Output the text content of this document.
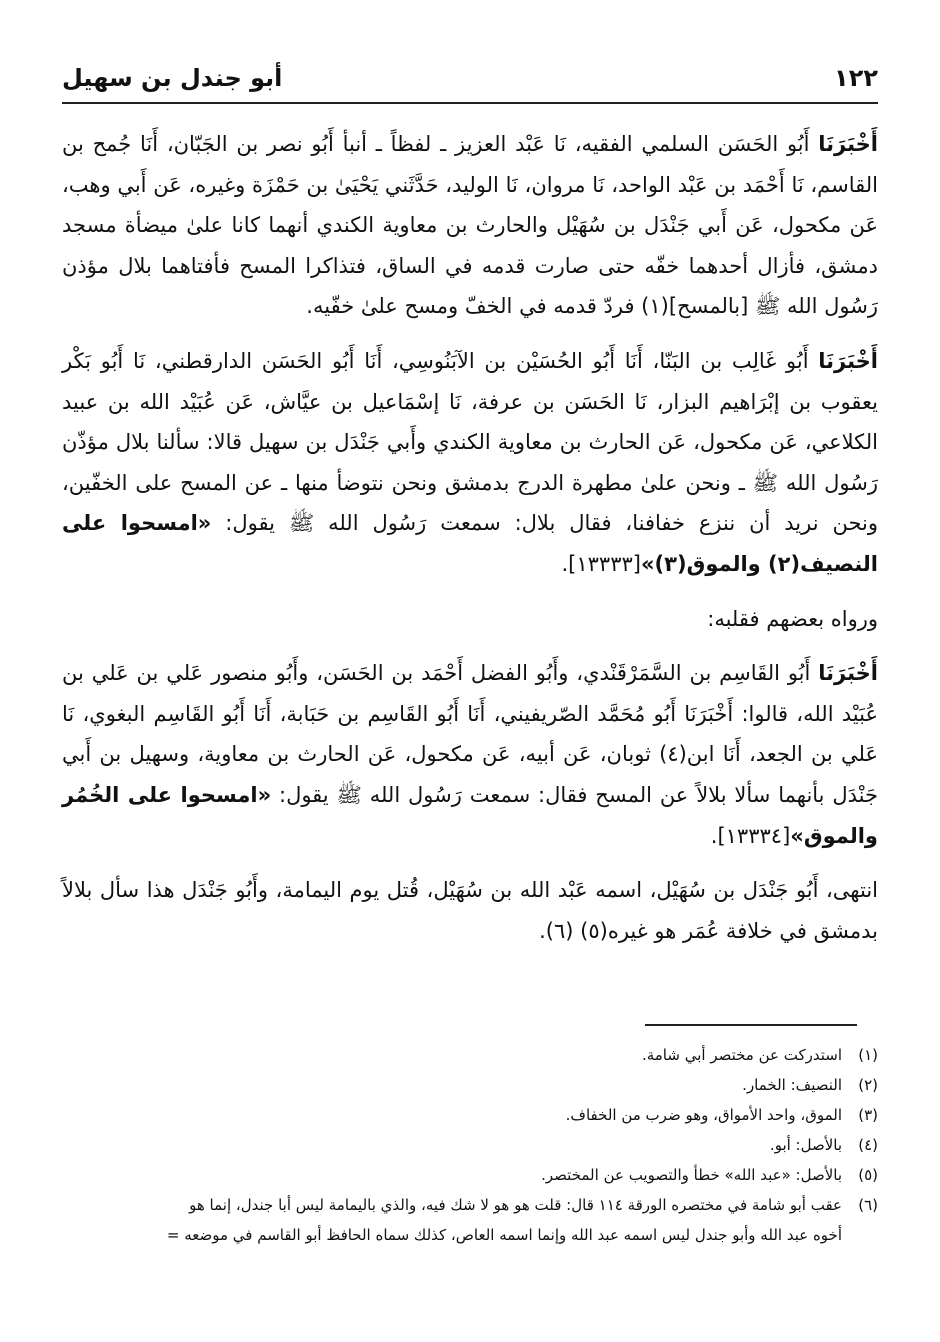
١٢٢
أبو جندل بن سهيل

أَخْبَرَنَا أَبُو الحَسَن السلمي الفقيه، نَا عَبْد العزيز ـ لفظاً ـ أنبأ أَبُو نصر بن الجَبّان، أَنَا جُمح بن القاسم، نَا أَحْمَد بن عَبْد الواحد، نَا مروان، نَا الوليد، حَدَّثَني يَحْيَىٰ بن حَمْزَة وغيره، عَن أَبي وهب، عَن مكحول، عَن أَبي جَنْدَل بن سُهَيْل والحارث بن معاوية الكندي أنهما كانا علىٰ ميضأة مسجد دمشق، فأزال أحدهما خفّه حتى صارت قدمه في الساق، فتذاكرا المسح فأفتاهما بلال مؤذن رَسُول الله ﷺ [بالمسح](١) فردّ قدمه في الخفّ ومسح علىٰ خفّيه.

أَخْبَرَنَا أَبُو غَالِب بن البَنّا، أَنَا أَبُو الحُسَيْن بن الآبَنُوسِي، أَنَا أَبُو الحَسَن الدارقطني، نَا أَبُو بَكْر يعقوب بن إبْرَاهيم البزار، نَا الحَسَن بن عرفة، نَا إسْمَاعيل بن عيَّاش، عَن عُبَيْد الله بن عبيد الكلاعي، عَن مكحول، عَن الحارث بن معاوية الكندي وأَبي جَنْدَل بن سهيل قالا: سألنا بلال مؤذّن رَسُول الله ﷺ ـ ونحن علىٰ مطهرة الدرج بدمشق ونحن نتوضأ منها ـ عن المسح على الخفّين، ونحن نريد أن ننزع خفافنا، فقال بلال: سمعت رَسُول الله ﷺ يقول: «امسحوا على النصيف(٢) والموق(٣)»[١٣٣٣٣].

ورواه بعضهم فقلبه:

أَخْبَرَنَا أَبُو القَاسِم بن السَّمَرْقَنْدي، وأَبُو الفضل أَحْمَد بن الحَسَن، وأَبُو منصور عَلي بن عَلي بن عُبَيْد الله، قالوا: أَخْبَرَنَا أَبُو مُحَمَّد الصّريفيني، أَنَا أَبُو القَاسِم بن حَبَابة، أَنَا أَبُو القَاسِم البغوي، نَا عَلي بن الجعد، أَنَا ابن(٤) ثوبان، عَن أبيه، عَن مكحول، عَن الحارث بن معاوية، وسهيل بن أَبي جَنْدَل بأنهما سألا بلالاً عن المسح فقال: سمعت رَسُول الله ﷺ يقول: «امسحوا على الخُمُر والموق»[١٣٣٣٤].

انتهى، أَبُو جَنْدَل بن سُهَيْل، اسمه عَبْد الله بن سُهَيْل، قُتل يوم اليمامة، وأَبُو جَنْدَل هذا سأل بلالاً بدمشق في خلافة عُمَر هو غيره(٥) (٦).

(١)
استدركت عن مختصر أبي شامة.
(٢)
النصيف: الخمار.
(٣)
الموق، واحد الأمواق، وهو ضرب من الخفاف.
(٤)
بالأصل: أبو.
(٥)
بالأصل: «عبد الله» خطأ والتصويب عن المختصر.
(٦)
عقب أبو شامة في مختصره الورقة ١١٤ قال: قلت هو هو لا شك فيه، والذي باليمامة ليس أبا جندل، إنما هو
أخوه عبد الله وأبو جندل ليس اسمه عبد الله وإنما اسمه العاص، كذلك سماه الحافظ أبو القاسم في موضعه =
